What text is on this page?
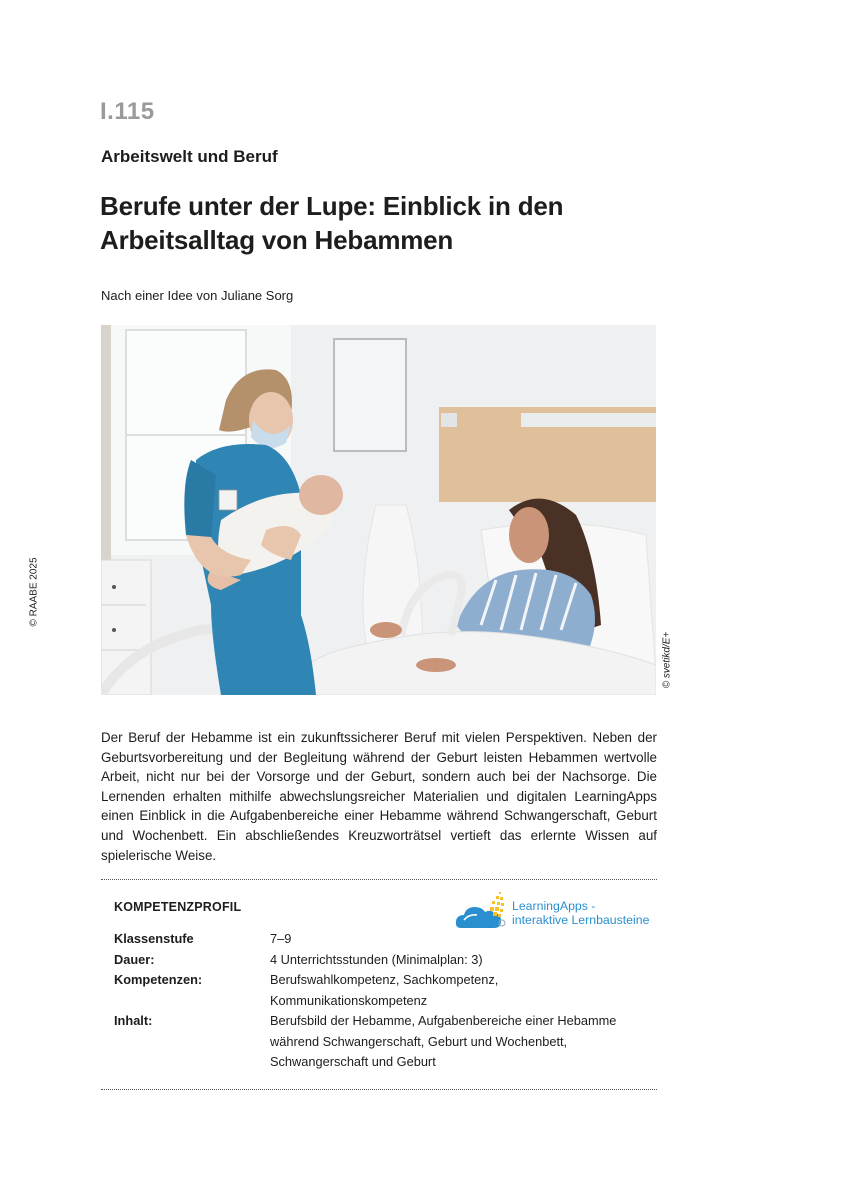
I.115
Arbeitswelt und Beruf
Berufe unter der Lupe: Einblick in den Arbeitsalltag von Hebammen
Nach einer Idee von Juliane Sorg
© RAABE 2025
© svetikd/E+

Der Beruf der Hebamme ist ein zukunftssicherer Beruf mit vielen Perspektiven. Neben der Geburtsvorbereitung und der Begleitung während der Geburt leisten Hebammen wertvolle Arbeit, nicht nur bei der Vorsorge und der Geburt, sondern auch bei der Nachsorge. Die Lernenden erhalten mithilfe abwechslungsreicher Materialien und digitalen LearningApps einen Einblick in die Aufgabenbereiche einer Hebamme während Schwangerschaft, Geburt und Wochenbett. Ein abschließendes Kreuzworträtsel vertieft das erlernte Wissen auf spielerische Weise.

KOMPETENZPROFIL	LearningApps -
interaktive Lernbausteine
Klassenstufe	7–9
Dauer:	4 Unterrichtsstunden (Minimalplan: 3)
Kompetenzen:	Berufswahlkompetenz, Sachkompetenz,
Kommunikationskompetenz
Inhalt:	Berufsbild der Hebamme, Aufgabenbereiche einer Hebamme
während Schwangerschaft, Geburt und Wochenbett,
Schwangerschaft und Geburt
